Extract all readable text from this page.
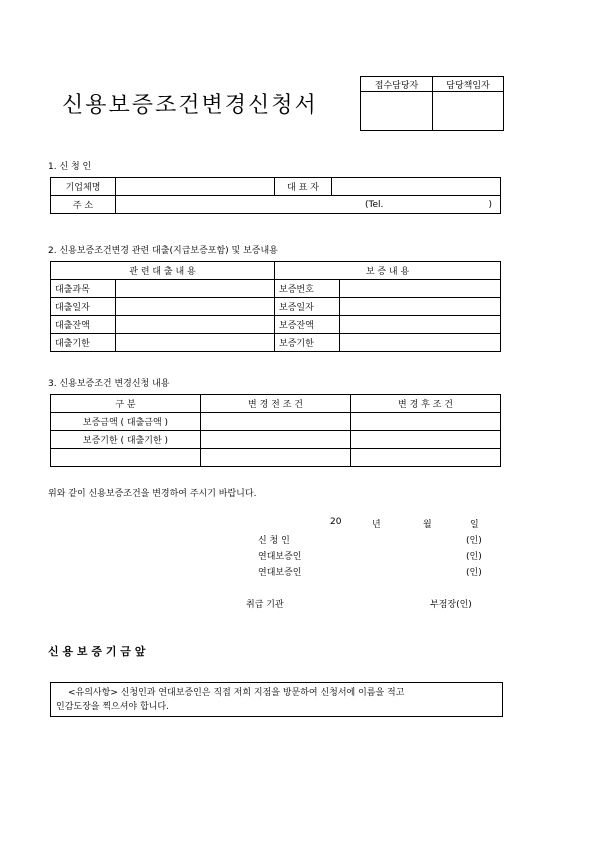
신용보증조건변경신청서
접수담당자	담당책임자

1. 신 청 인
기업체명		대 표 자	
주 소	(Tel. )		
2. 신용보증조건변경 관련 대출(지급보증포함) 및 보증내용
관 련 대 출 내 용		보 증 내 용	
대출과목		보증번호	
대출일자		보증일자	
대출잔액		보증잔액	
대출기한		보증기한	
3. 신용보증조건 변경신청 내용
구 분	변 경 전 조 건	변 경 후 조 건
보증금액 ( 대출금액 )		
보증기한 ( 대출기한 )		

위와 같이 신용보증조건을 변경하여 주시기 바랍니다.
20	년	월	일
신 청 인	(인)
연대보증인	(인)
연대보증인	(인)
취급 기관	부점장(인)
신 용 보 증 기 금 앞
<유의사항> 신청인과 연대보증인은 직접 저희 지점을 방문하여 신청서에 이름을 적고
인감도장을 찍으셔야 합니다.
